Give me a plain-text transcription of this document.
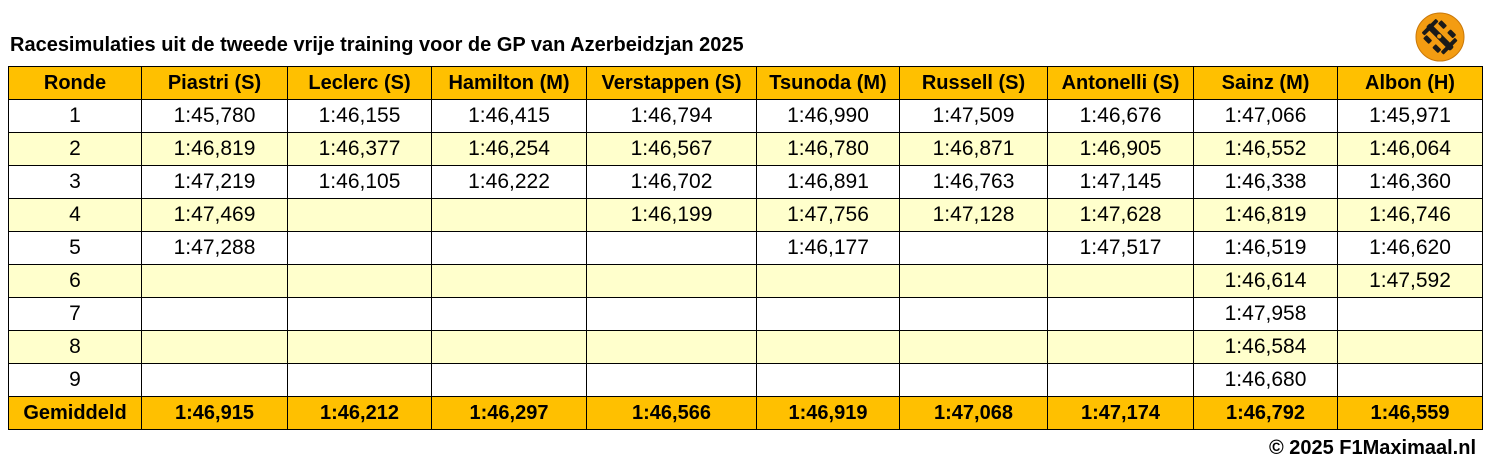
Racesimulaties uit de tweede vrije training voor de GP van Azerbeidzjan 2025
Ronde	Piastri (S)	Leclerc (S)	Hamilton (M)	Verstappen (S)	Tsunoda (M)	Russell (S)	Antonelli (S)	Sainz (M)	Albon (H)
1	1:45,780	1:46,155	1:46,415	1:46,794	1:46,990	1:47,509	1:46,676	1:47,066	1:45,971
2	1:46,819	1:46,377	1:46,254	1:46,567	1:46,780	1:46,871	1:46,905	1:46,552	1:46,064
3	1:47,219	1:46,105	1:46,222	1:46,702	1:46,891	1:46,763	1:47,145	1:46,338	1:46,360
4	1:47,469			1:46,199	1:47,756	1:47,128	1:47,628	1:46,819	1:46,746
5	1:47,288				1:46,177		1:47,517	1:46,519	1:46,620
6								1:46,614	1:47,592
7								1:47,958	
8								1:46,584	
9								1:46,680	
Gemiddeld	1:46,915	1:46,212	1:46,297	1:46,566	1:46,919	1:47,068	1:47,174	1:46,792	1:46,559
© 2025 F1Maximaal.nl
